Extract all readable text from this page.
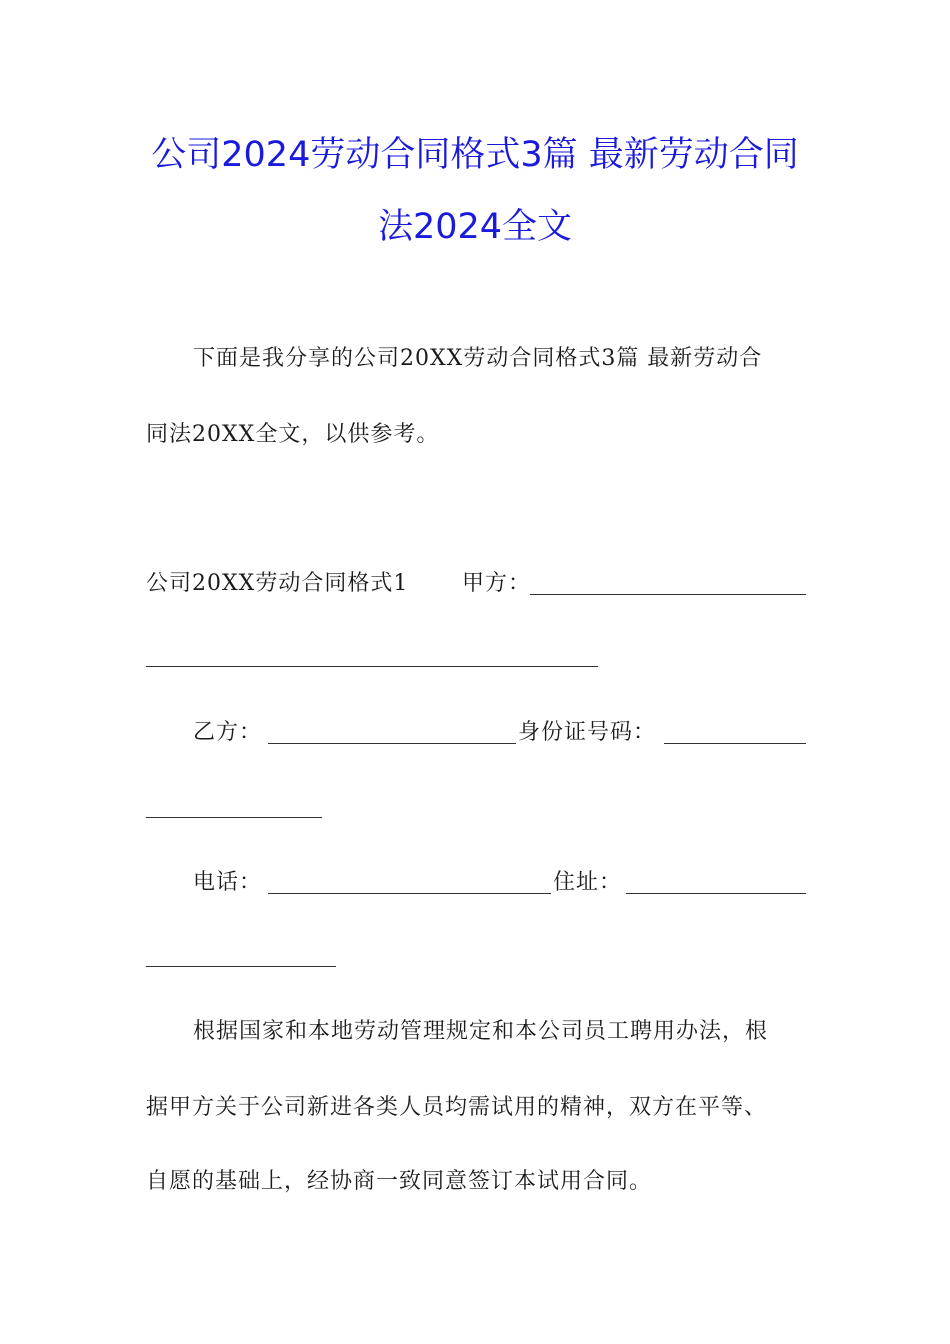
公司2024劳动合同格式3篇 最新劳动合同
法2024全文
下面是我分享的公司20XX劳动合同格式3篇 最新劳动合
同法20XX全文，以供参考。
公司20XX劳动合同格式1 甲方：
乙方：	身份证号码：
电话：	住址：
根据国家和本地劳动管理规定和本公司员工聘用办法，根
据甲方关于公司新进各类人员均需试用的精神，双方在平等、
自愿的基础上，经协商一致同意签订本试用合同。
